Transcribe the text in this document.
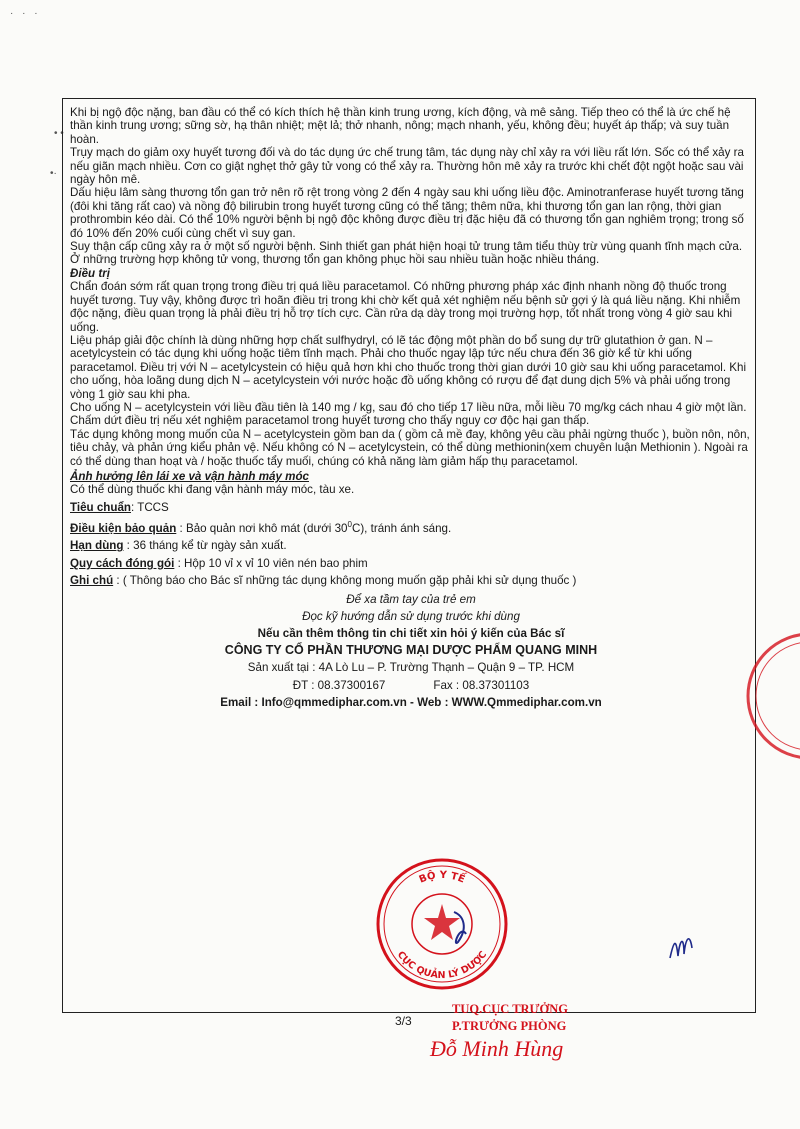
· · ·
• •
•·

Khi bị ngộ độc nặng, ban đầu có thể có kích thích hệ thần kinh trung ương, kích động, và mê sảng. Tiếp theo có thể là ức chế hệ thần kinh trung ương; sững sờ, hạ thân nhiệt; mệt lả; thở nhanh, nông; mạch nhanh, yếu, không đều; huyết áp thấp; và suy tuần hoàn.

Trụy mạch do giảm oxy huyết tương đối và do tác dụng ức chế trung tâm, tác dụng này chỉ xảy ra với liều rất lớn. Sốc có thể xảy ra nếu giãn mạch nhiều. Cơn co giật nghẹt thở gây tử vong có thể xảy ra. Thường hôn mê xảy ra trước khi chết đột ngột hoặc sau vài ngày hôn mê.

Dấu hiệu lâm sàng thương tổn gan trở nên rõ rệt trong vòng 2 đến 4 ngày sau khi uống liều độc. Aminotranferase huyết tương tăng (đôi khi tăng rất cao) và nồng độ bilirubin trong huyết tương cũng có thể tăng; thêm nữa, khi thương tổn gan lan rộng, thời gian prothrombin kéo dài. Có thể 10% người bệnh bị ngộ độc không được điều trị đặc hiệu đã có thương tổn gan nghiêm trọng; trong số đó 10% đến 20% cuối cùng chết vì suy gan.

Suy thận cấp cũng xảy ra ở một số người bệnh. Sinh thiết gan phát hiện hoại tử trung tâm tiểu thùy trừ vùng quanh tĩnh mạch cửa. Ở những trường hợp không tử vong, thương tổn gan không phục hồi sau nhiều tuần hoặc nhiều tháng.

Điều trị

Chẩn đoán sớm rất quan trọng trong điều trị quá liều paracetamol. Có những phương pháp xác định nhanh nồng độ thuốc trong huyết tương. Tuy vậy, không được trì hoãn điều trị trong khi chờ kết quả xét nghiệm nếu bệnh sử gợi ý là quá liều nặng. Khi nhiễm độc nặng, điều quan trọng là phải điều trị hỗ trợ tích cực. Cần rửa dạ dày trong mọi trường hợp, tốt nhất trong vòng 4 giờ sau khi uống.

Liệu pháp giải độc chính là dùng những hợp chất sulfhydryl, có lẽ tác động một phần do bổ sung dự trữ glutathion ở gan. N – acetylcystein có tác dụng khi uống hoặc tiêm tĩnh mạch. Phải cho thuốc ngay lập tức nếu chưa đến 36 giờ kể từ khi uống paracetamol. Điều trị với N – acetylcystein có hiệu quả hơn khi cho thuốc trong thời gian dưới 10 giờ sau khi uống paracetamol. Khi cho uống, hòa loãng dung dịch N – acetylcystein với nước hoặc đồ uống không có rượu để đạt dung dịch 5% và phải uống trong vòng 1 giờ sau khi pha.

Cho uống N – acetylcystein với liều đầu tiên là 140 mg / kg, sau đó cho tiếp 17 liều nữa, mỗi liều 70 mg/kg cách nhau 4 giờ một lần. Chấm dứt điều trị nếu xét nghiệm paracetamol trong huyết tương cho thấy nguy cơ độc hại gan thấp.

Tác dụng không mong muốn của N – acetylcystein gồm ban da ( gồm cả mề đay, không yêu cầu phải ngừng thuốc ), buồn nôn, nôn, tiêu chảy, và phản ứng kiểu phản vệ. Nếu không có N – acetylcystein, có thể dùng methionin(xem chuyên luận Methionin ). Ngoài ra có thể dùng than hoạt và / hoặc thuốc tẩy muối, chúng có khả năng làm giảm hấp thụ paracetamol.

Ảnh hưởng lên lái xe và vận hành máy móc

Có thể dùng thuốc khi đang vận hành máy móc, tàu xe.

Tiêu chuẩn: TCCS

Điều kiện bảo quản : Bảo quản nơi khô mát (dưới $30^0C$), tránh ánh sáng.

Hạn dùng : 36 tháng kể từ ngày sản xuất.

Quy cách đóng gói : Hộp 10 vỉ x vỉ 10 viên nén bao phim

Ghi chú : ( Thông báo cho Bác sĩ những tác dụng không mong muốn gặp phải khi sử dụng thuốc )

Để xa tầm tay của trẻ em

Đọc kỹ hướng dẫn sử dụng trước khi dùng

Nếu cần thêm thông tin chi tiết xin hỏi ý kiến của Bác sĩ

CÔNG TY CỔ PHẦN THƯƠNG MẠI DƯỢC PHẨM QUANG MINH

Sản xuất tại : 4A Lò Lu – P. Trường Thạnh – Quận 9 – TP. HCM

ĐT : 08.37300167	Fax : 08.37301103

Email : Info@qmmediphar.com.vn - Web : WWW.Qmmediphar.com.vn

BỘ Y TẾ
CỤC QUẢN LÝ DƯỢC
3/3
TUQ.CỤC TRƯỞNG
P.TRƯỞNG PHÒNG
Đỗ Minh Hùng
